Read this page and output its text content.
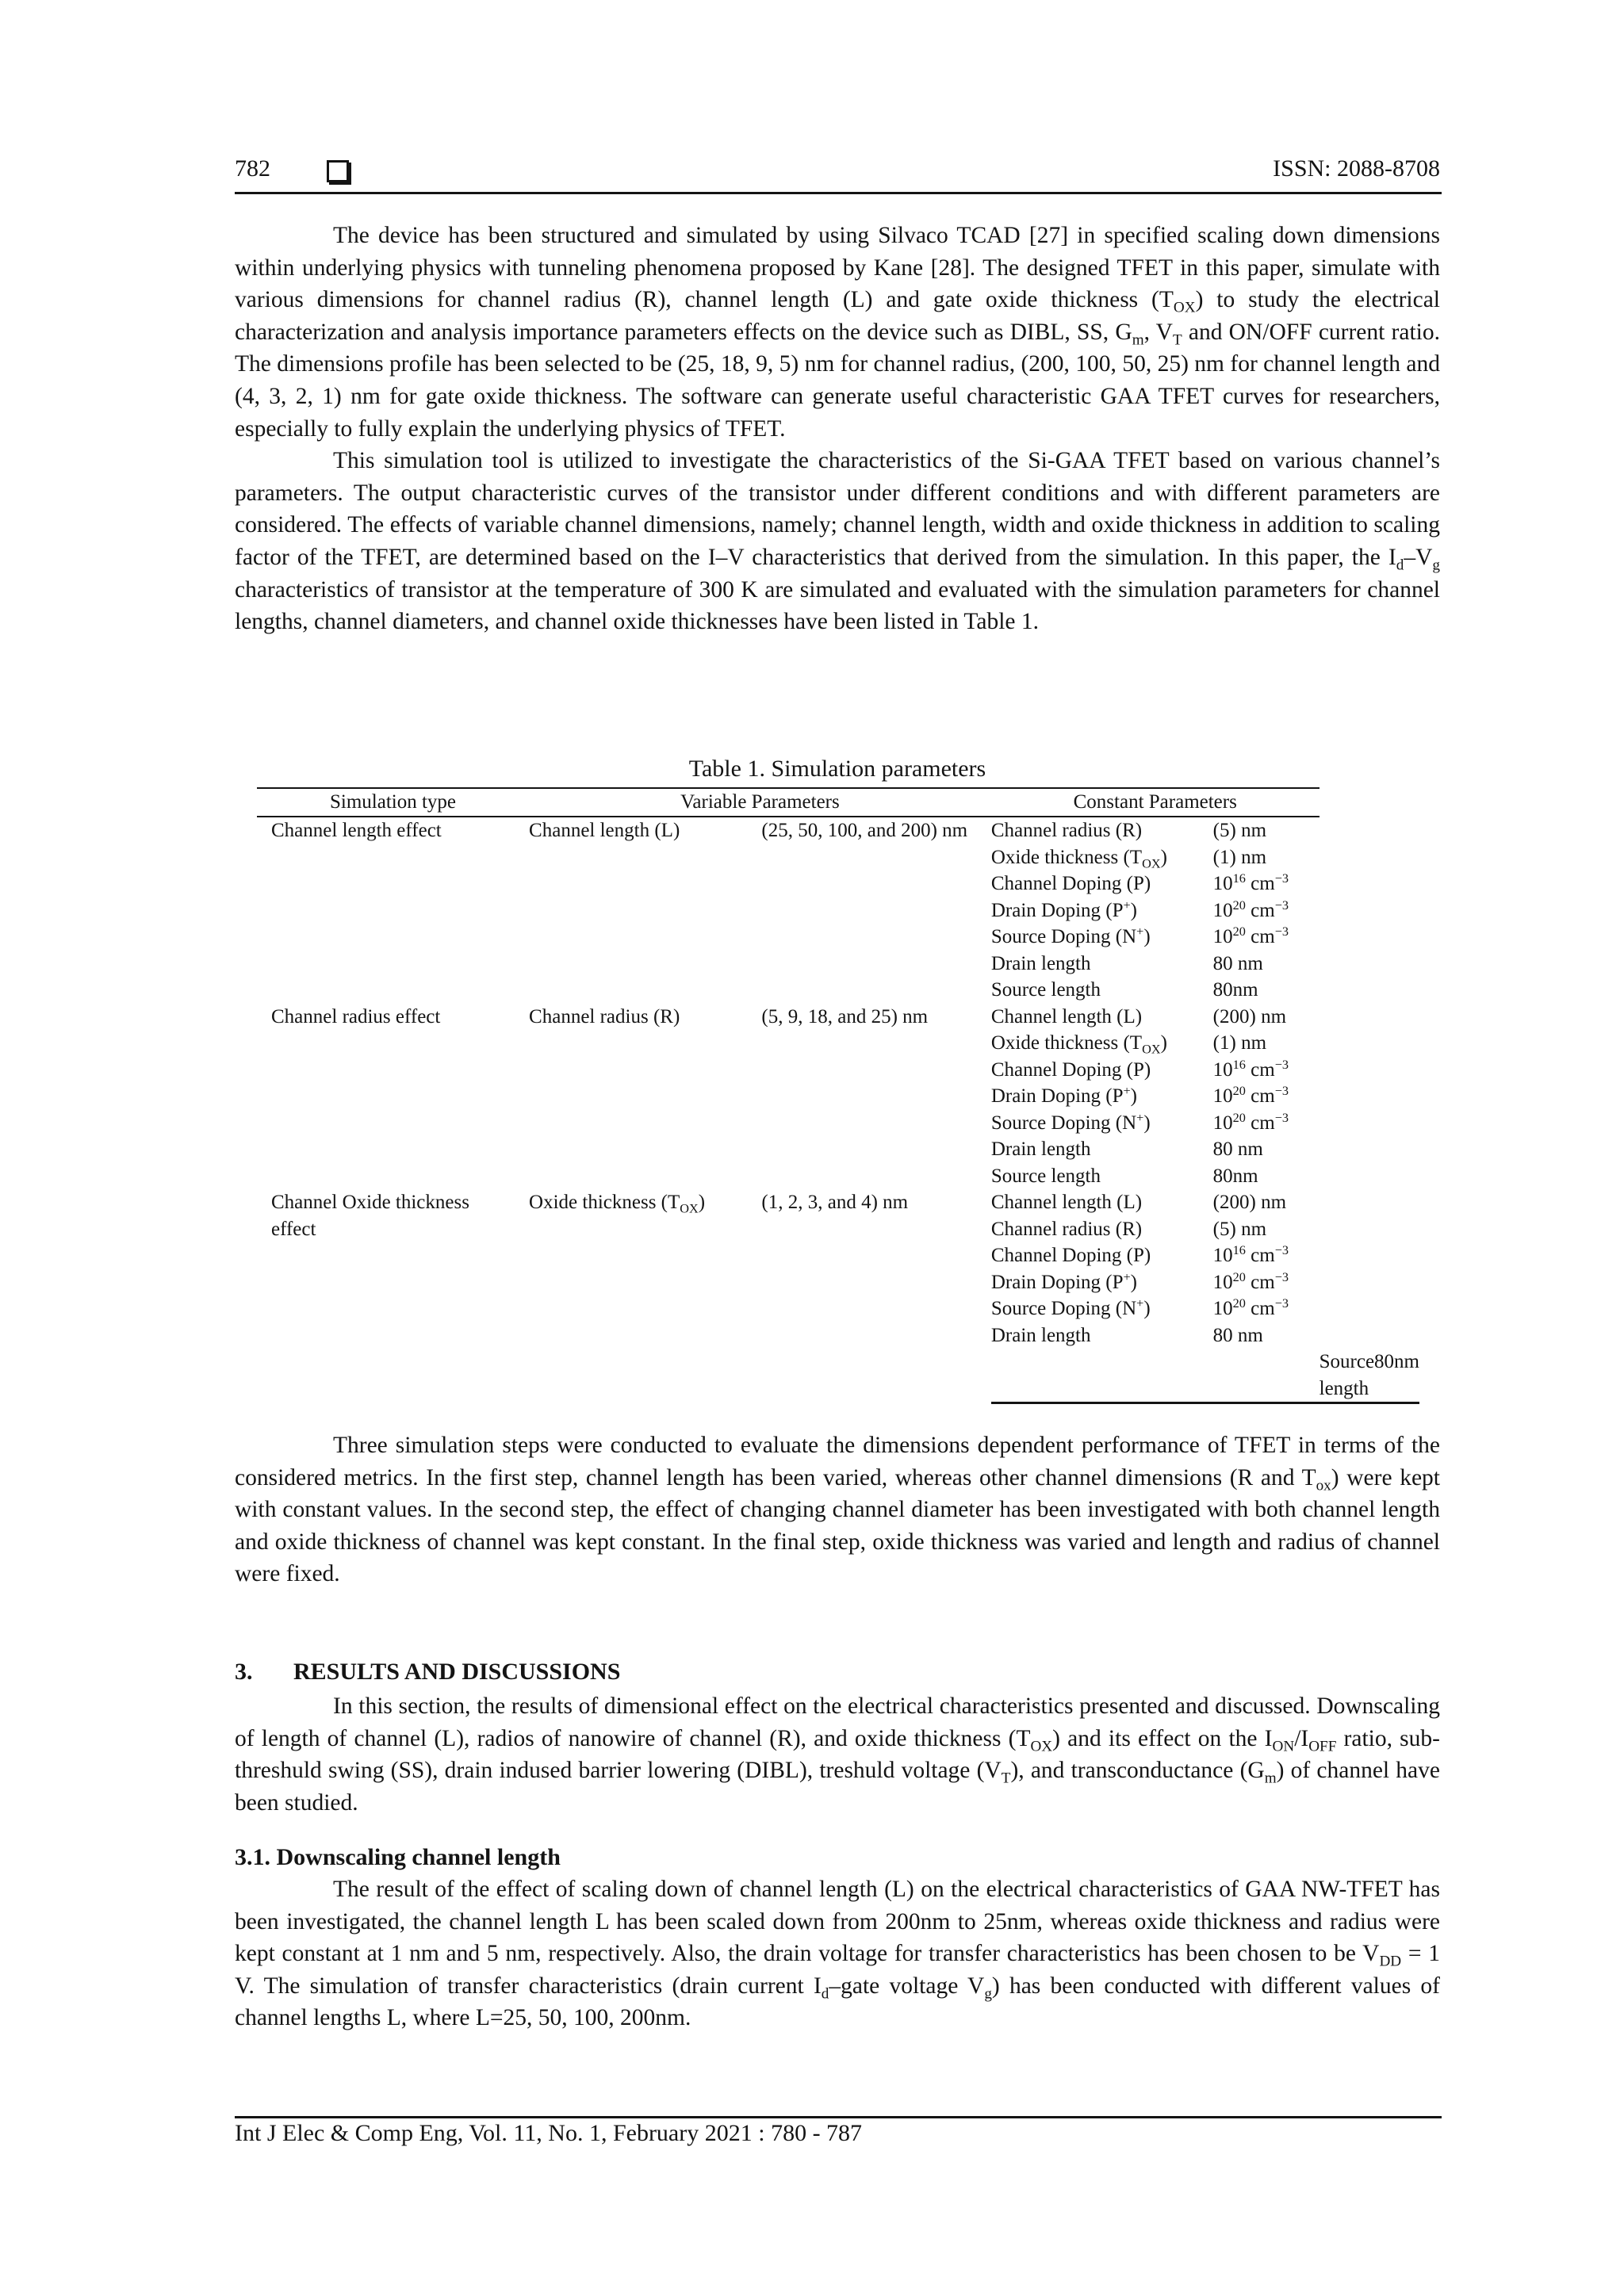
782	ISSN: 2088-8708

The device has been structured and simulated by using Silvaco TCAD [27] in specified scaling down dimensions within underlying physics with tunneling phenomena proposed by Kane [28]. The designed TFET in this paper, simulate with various dimensions for channel radius (R), channel length (L) and gate oxide thickness $(T_{OX})$ to study the electrical characterization and analysis importance parameters effects on the device such as DIBL, SS, $G_m$, $V_T$ and ON/OFF current ratio. The dimensions profile has been selected to be (25, 18, 9, 5) nm for channel radius, (200, 100, 50, 25) nm for channel length and (4, 3, 2, 1) nm for gate oxide thickness. The software can generate useful characteristic GAA TFET curves for researchers, especially to fully explain the underlying physics of TFET.

This simulation tool is utilized to investigate the characteristics of the Si-GAA TFET based on various channel’s parameters. The output characteristic curves of the transistor under different conditions and with different parameters are considered. The effects of variable channel dimensions, namely; channel length, width and oxide thickness in addition to scaling factor of the TFET, are determined based on the I–V characteristics that derived from the simulation. In this paper, the $I_d-V_g$ characteristics of transistor at the temperature of 300 K are simulated and evaluated with the simulation parameters for channel lengths, channel diameters, and channel oxide thicknesses have been listed in Table 1.

Table 1. Simulation parameters
Simulation type	Variable Parameters		Constant Parameters			
Channel length effect	Channel length (L)	(25, 50, 100, and 200) nm	Channel radius (R)	(5) nm		
			Oxide thickness $(T_{OX})$	(1) nm		
			Channel Doping (P)	$10^{16}$ $cm^{-3}$
			Drain Doping (P+)	$10^{20}$ $cm^{-3}$
			Source Doping (N+)	$10^{20}$ $cm^{-3}$
			Drain length	80 nm		
			Source length	80nm		
Channel radius effect	Channel radius (R)	(5, 9, 18, and 25) nm	Channel length (L)	(200) nm		
			Oxide thickness $(T_{OX})$	(1) nm		
			Channel Doping (P)	$10^{16}$ $cm^{-3}$
			Drain Doping (P+)	$10^{20}$ $cm^{-3}$
			Source Doping (N+)	$10^{20}$ $cm^{-3}$
			Drain length	80 nm		
			Source length	80nm		
Channel Oxide thickness effect	Oxide thickness $(T_{OX})$	(1, 2, 3, and 4) nm	Channel length (L)	(200) nm		
			Channel radius (R)	(5) nm		
			Channel Doping (P)	$10^{16}$ $cm^{-3}$
			Drain Doping (P+)	$10^{20}$ $cm^{-3}$
			Source Doping (N+)	$10^{20}$ $cm^{-3}$
			Drain length	80 nm		
					Source length	80nm

Three simulation steps were conducted to evaluate the dimensions dependent performance of TFET in terms of the considered metrics. In the first step, channel length has been varied, whereas other channel dimensions (R and $T_{ox}$) were kept with constant values. In the second step, the effect of changing channel diameter has been investigated with both channel length and oxide thickness of channel was kept constant. In the final step, oxide thickness was varied and length and radius of channel were fixed.

3. RESULTS AND DISCUSSIONS

In this section, the results of dimensional effect on the electrical characteristics presented and discussed. Downscaling of length of channel (L), radios of nanowire of channel (R), and oxide thickness $(T_{OX})$ and its effect on the $I_{ON}/I_{OFF}$ ratio, sub-threshuld swing (SS), drain indused barrier lowering (DIBL), treshuld voltage $(V_T)$, and transconductance $(G_m)$ of channel have been studied.

3.1. Downscaling channel length

The result of the effect of scaling down of channel length (L) on the electrical characteristics of GAA NW-TFET has been investigated, the channel length L has been scaled down from 200nm to 25nm, whereas oxide thickness and radius were kept constant at 1 nm and 5 nm, respectively. Also, the drain voltage for transfer characteristics has been chosen to be $V_{DD} = 1$ V. The simulation of transfer characteristics (drain current $I_d$–gate voltage $V_g$) has been conducted with different values of channel lengths L, where L=25, 50, 100, 200nm.

Int J Elec & Comp Eng, Vol. 11, No. 1, February 2021 : 780 - 787
